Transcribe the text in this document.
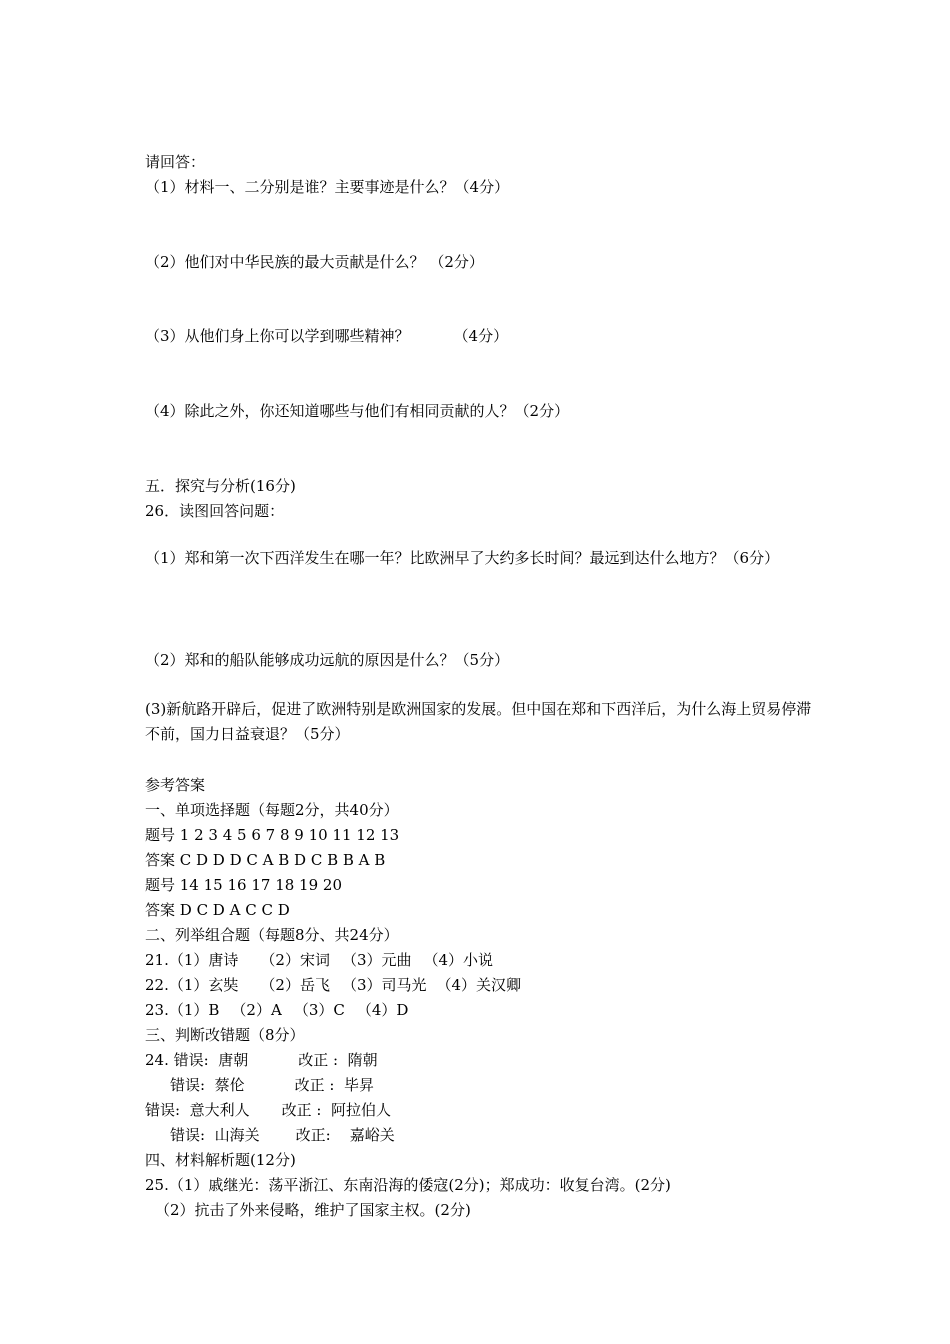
请回答：
（1）材料一、二分别是谁？主要事迹是什么？（4分）
（2）他们对中华民族的最大贡献是什么？ （2分）
（3）从他们身上你可以学到哪些精神？	（4分）
（4）除此之外，你还知道哪些与他们有相同贡献的人？（2分）
五．探究与分析(16分)
26．读图回答问题：
（1）郑和第一次下西洋发生在哪一年？比欧洲早了大约多长时间？最远到达什么地方？（6分）
（2）郑和的船队能够成功远航的原因是什么？（5分）
(3)新航路开辟后，促进了欧洲特别是欧洲国家的发展。但中国在郑和下西洋后，为什么海上贸易停滞不前，国力日益衰退？（5分）
参考答案
一、单项选择题（每题2分，共40分）
题号 1 2 3 4 5 6 7 8 9 10 11 12 13
答案 C D D D C A B D C B B A B
题号 14 15 16 17 18 19 20
答案 D C D A C C D
二、列举组合题（每题8分、共24分）
21.（1）唐诗 （2）宋词 （3）元曲 （4）小说
22.（1）玄奘 （2）岳飞 （3）司马光 （4）关汉卿
23.（1）B （2）A （3）C （4）D
三、判断改错题（8分）
24. 错误:  唐朝	改正 :  隋朝
错误:  蔡伦	改正 :  毕昇
错误:  意大利人 改正 :  阿拉伯人
错误:  山海关 改正:    嘉峪关
四、材料解析题(12分)
25.（1）戚继光：荡平浙江、东南沿海的倭寇(2分)；郑成功：收复台湾。(2分)
（2）抗击了外来侵略，维护了国家主权。(2分)
